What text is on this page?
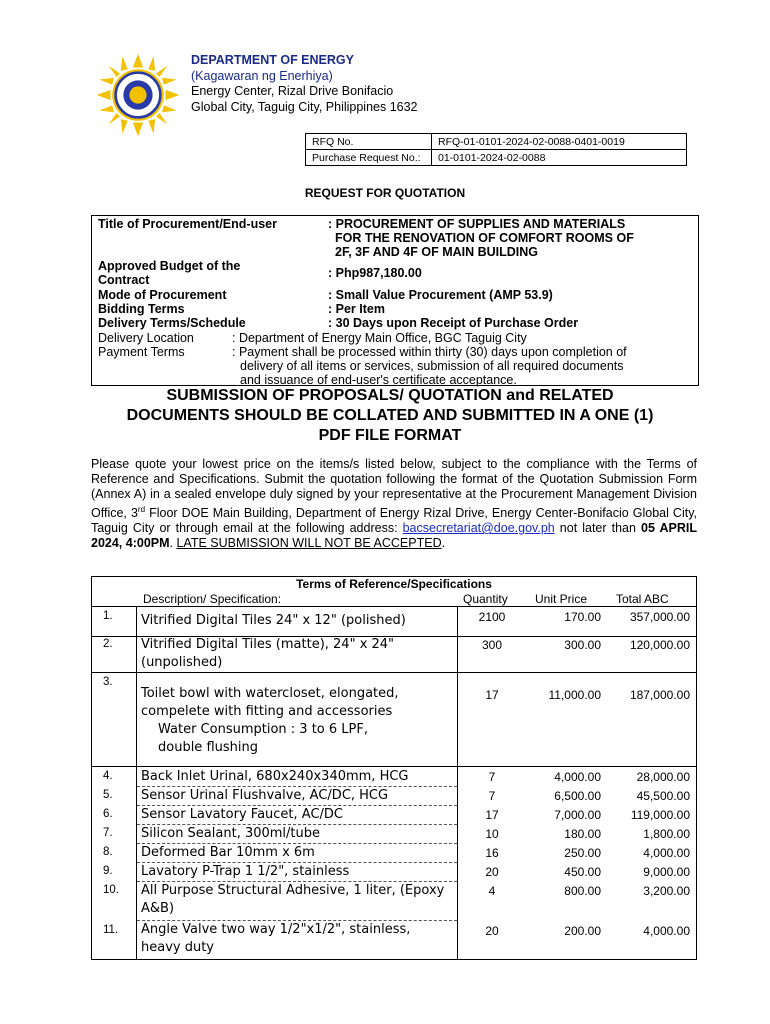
DEPARTMENT OF ENERGY
(Kagawaran ng Enerhiya)
Energy Center, Rizal Drive Bonifacio
Global City, Taguig City, Philippines 1632
RFQ No.	RFQ-01-0101-2024-02-0088-0401-0019
Purchase Request No.:	01-0101-2024-02-0088
REQUEST FOR QUOTATION
Title of Procurement/End-user	: PROCUREMENT OF SUPPLIES AND MATERIALS
FOR THE RENOVATION OF COMFORT ROOMS OF
2F, 3F AND 4F OF MAIN BUILDING
Approved Budget of the
Contract	: Php987,180.00
Mode of Procurement	: Small Value Procurement (AMP 53.9)
Bidding Terms	: Per Item
Delivery Terms/Schedule	: 30 Days upon Receipt of Purchase Order
Delivery Location	: Department of Energy Main Office, BGC Taguig City
Payment Terms	: Payment shall be processed within thirty (30) days upon completion of
delivery of all items or services, submission of all required documents
and issuance of end-user's certificate acceptance.
SUBMISSION OF PROPOSALS/ QUOTATION and RELATED
DOCUMENTS SHOULD BE COLLATED AND SUBMITTED IN A ONE (1)
PDF FILE FORMAT
Please quote your lowest price on the items/s listed below, subject to the compliance with the Terms of Reference and Specifications. Submit the quotation following the format of the Quotation Submission Form (Annex A) in a sealed envelope duly signed by your representative at the Procurement Management Division Office, 3rd Floor DOE Main Building, Department of Energy Rizal Drive, Energy Center-Bonifacio Global City, Taguig City or through email at the following address: bacsecretariat@doe.gov.ph not later than 05 APRIL 2024, 4:00PM. LATE SUBMISSION WILL NOT BE ACCEPTED.
Terms of Reference/Specifications
Description/ Specification:	Quantity Unit Price Total ABC
1. Vitrified Digital Tiles 24" x 12" (polished)	2100	170.00	357,000.00
2. Vitrified Digital Tiles (matte), 24" x 24" (unpolished)
300	300.00	120,000.00
3.
Toilet bowl with watercloset, elongated, compelete with fitting and accessories
Water Consumption : 3 to 6 LPF,
double flushing
17	11,000.00	187,000.00
4. Back Inlet Urinal, 680x240x340mm, HCG	7	4,000.00	28,000.00
5. Sensor Urinal Flushvalve, AC/DC, HCG	7	6,500.00	45,500.00
6. Sensor Lavatory Faucet, AC/DC	17	7,000.00	119,000.00
7. Silicon Sealant, 300ml/tube	10	180.00	1,800.00
8. Deformed Bar 10mm x 6m	16	250.00	4,000.00
9. Lavatory P-Trap 1 1/2", stainless	20	450.00	9,000.00
10. All Purpose Structural Adhesive, 1 liter, (Epoxy A&B)
4	800.00	3,200.00
11. Angle Valve two way 1/2"x1/2", stainless, heavy duty
20	200.00	4,000.00
